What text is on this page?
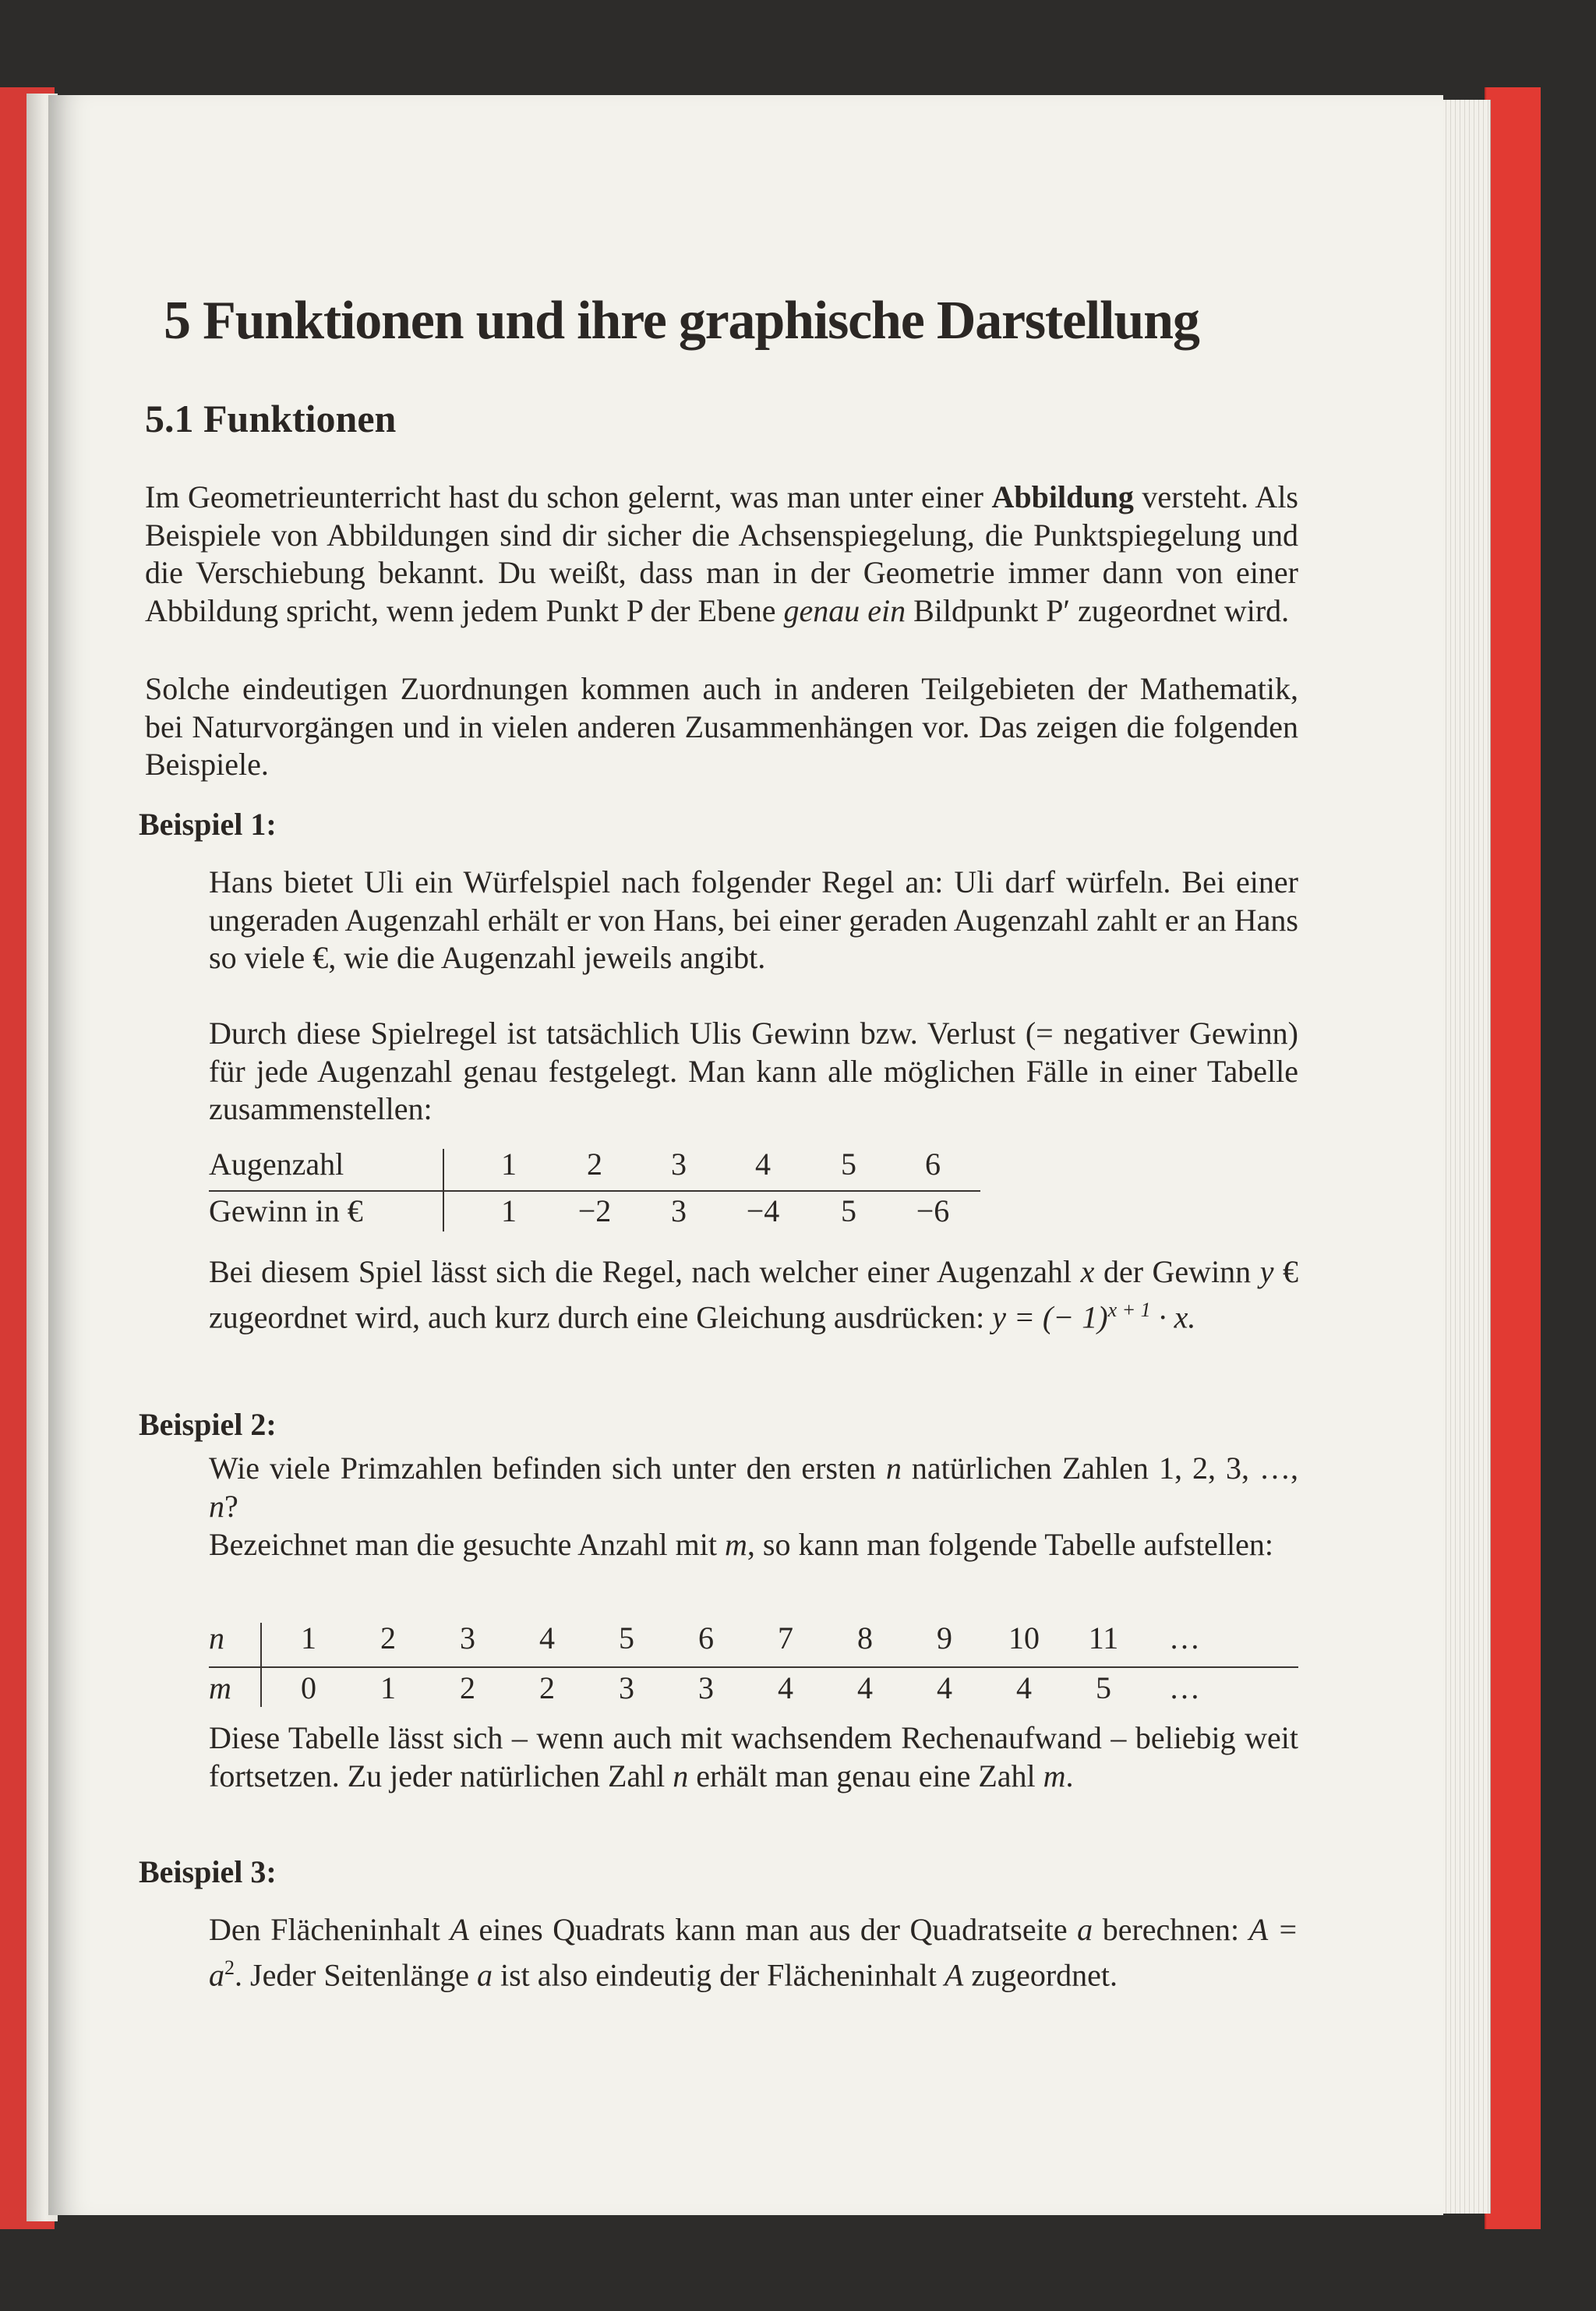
5 Funktionen und ihre graphische Darstellung
5.1 Funktionen
Im Geometrieunterricht hast du schon gelernt, was man unter einer Abbildung versteht. Als Beispiele von Abbildungen sind dir sicher die Achsenspiegelung, die Punktspiegelung und die Verschiebung bekannt. Du weißt, dass man in der Geometrie immer dann von einer Abbildung spricht, wenn jedem Punkt P der Ebene genau ein Bildpunkt P′ zugeordnet wird.
Solche eindeutigen Zuordnungen kommen auch in anderen Teilgebieten der Mathematik, bei Naturvorgängen und in vielen anderen Zusammenhängen vor. Das zeigen die folgenden Beispiele.
Beispiel 1:
Hans bietet Uli ein Würfelspiel nach folgender Regel an: Uli darf würfeln. Bei einer ungeraden Augenzahl erhält er von Hans, bei einer geraden Augenzahl zahlt er an Hans so viele €, wie die Augenzahl jeweils angibt.
Durch diese Spielregel ist tatsächlich Ulis Gewinn bzw. Verlust (= negativer Gewinn) für jede Augenzahl genau festgelegt. Man kann alle möglichen Fälle in einer Tabelle zusammenstellen:
Augenzahl	1	2	3	4	5	6
Gewinn in €	1	−2	3	−4	5	−6
Bei diesem Spiel lässt sich die Regel, nach welcher einer Augenzahl x der Gewinn y € zugeordnet wird, auch kurz durch eine Gleichung ausdrücken: y = (− 1)$^{x + 1}$ · x.
Beispiel 2:
Wie viele Primzahlen befinden sich unter den ersten n natürlichen Zahlen 1, 2, 3, …, n?
Bezeichnet man die gesuchte Anzahl mit m, so kann man folgende Tabelle aufstellen:
n	1	2	3	4	5	6	7	8	9	10	11	…
m	0	1	2	2	3	3	4	4	4	4	5	…
Diese Tabelle lässt sich – wenn auch mit wachsendem Rechenaufwand – beliebig weit fortsetzen. Zu jeder natürlichen Zahl n erhält man genau eine Zahl m.
Beispiel 3:
Den Flächeninhalt A eines Quadrats kann man aus der Quadratseite a berechnen: $A = a^2$. Jeder Seitenlänge a ist also eindeutig der Flächeninhalt A zugeordnet.
